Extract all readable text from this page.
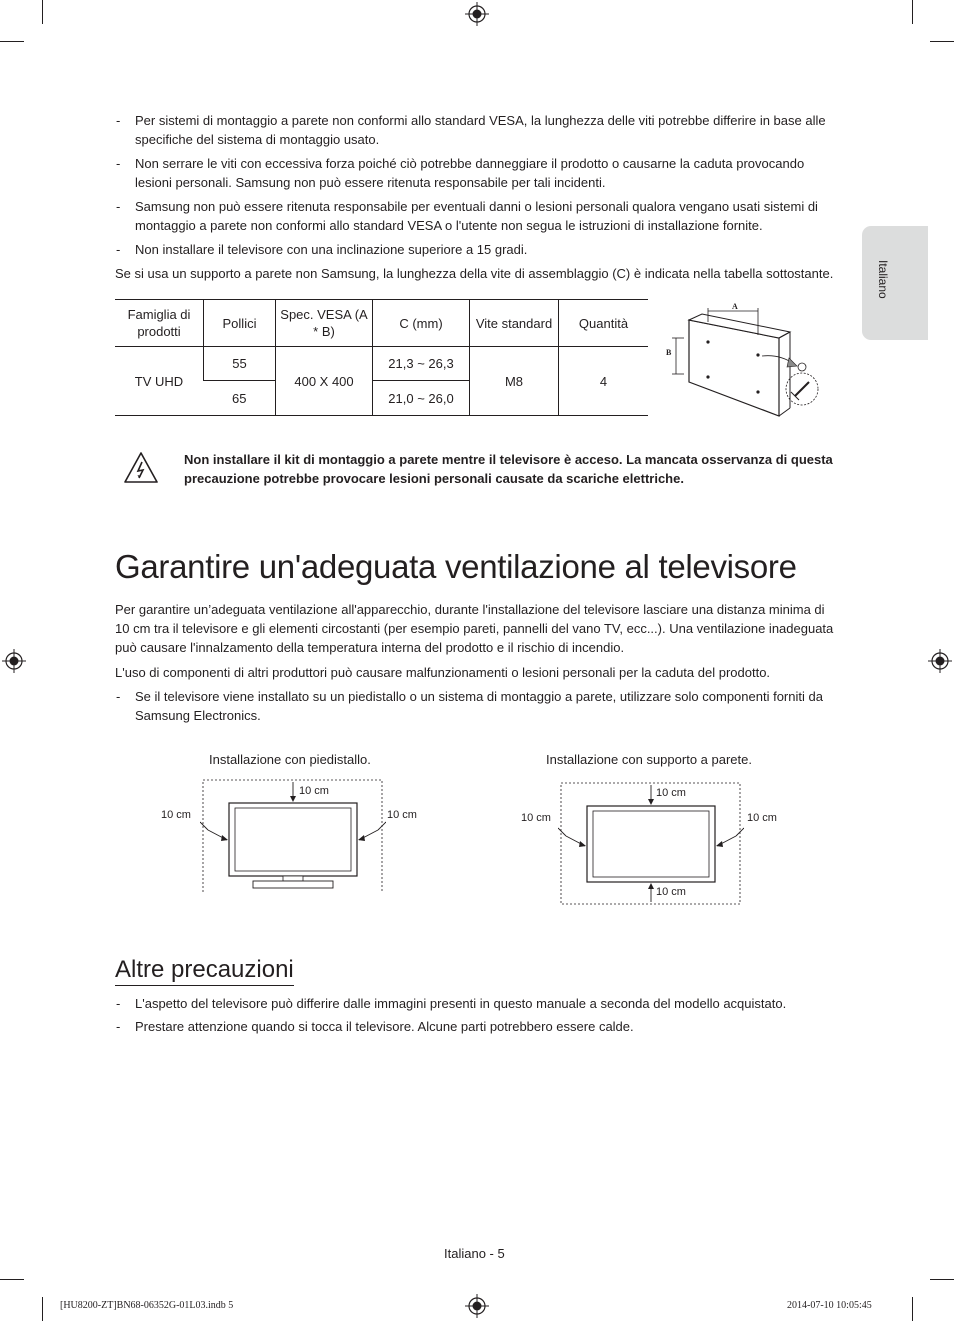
Italiano
- Per sistemi di montaggio a parete non conformi allo standard VESA, la lunghezza delle viti potrebbe differire in base alle specifiche del sistema di montaggio usato.
- Non serrare le viti con eccessiva forza poiché ciò potrebbe danneggiare il prodotto o causarne la caduta provocando lesioni personali. Samsung non può essere ritenuta responsabile per tali incidenti.
- Samsung non può essere ritenuta responsabile per eventuali danni o lesioni personali qualora vengano usati sistemi di montaggio a parete non conformi allo standard VESA o l'utente non segua le istruzioni di installazione fornite.
- Non installare il televisore con una inclinazione superiore a 15 gradi.
Se si usa un supporto a parete non Samsung, la lunghezza della vite di assemblaggio (C) è indicata nella tabella sottostante.
Famiglia di prodotti	Pollici	Spec. VESA (A * B)	C (mm)	Vite standard	Quantità
TV UHD	55	400 X 400	21,3 ~ 26,3	M8	4
	65		21,0 ~ 26,0		
A
B
Non installare il kit di montaggio a parete mentre il televisore è acceso. La mancata osservanza di questa precauzione potrebbe provocare lesioni personali causate da scariche elettriche.
Garantire un'adeguata ventilazione al televisore
Per garantire un’adeguata ventilazione all'apparecchio, durante l'installazione del televisore lasciare una distanza minima di 10 cm tra il televisore e gli elementi circostanti (per esempio pareti, pannelli del vano TV, ecc...). Una ventilazione inadeguata può causare l'innalzamento della temperatura interna del prodotto e il rischio di incendio.
L'uso di componenti di altri produttori può causare malfunzionamenti o lesioni personali per la caduta del prodotto.
- Se il televisore viene installato su un piedistallo o un sistema di montaggio a parete, utilizzare solo componenti forniti da Samsung Electronics.
Installazione con piedistallo.	Installazione con supporto a parete.
10 cm
10 cm	10 cm
10 cm
10 cm	10 cm
10 cm
Altre precauzioni
- L'aspetto del televisore può differire dalle immagini presenti in questo manuale a seconda del modello acquistato.
- Prestare attenzione quando si tocca il televisore. Alcune parti potrebbero essere calde.
Italiano - 5
[HU8200-ZT]BN68-06352G-01L03.indb 5	2014-07-10 10:05:45
